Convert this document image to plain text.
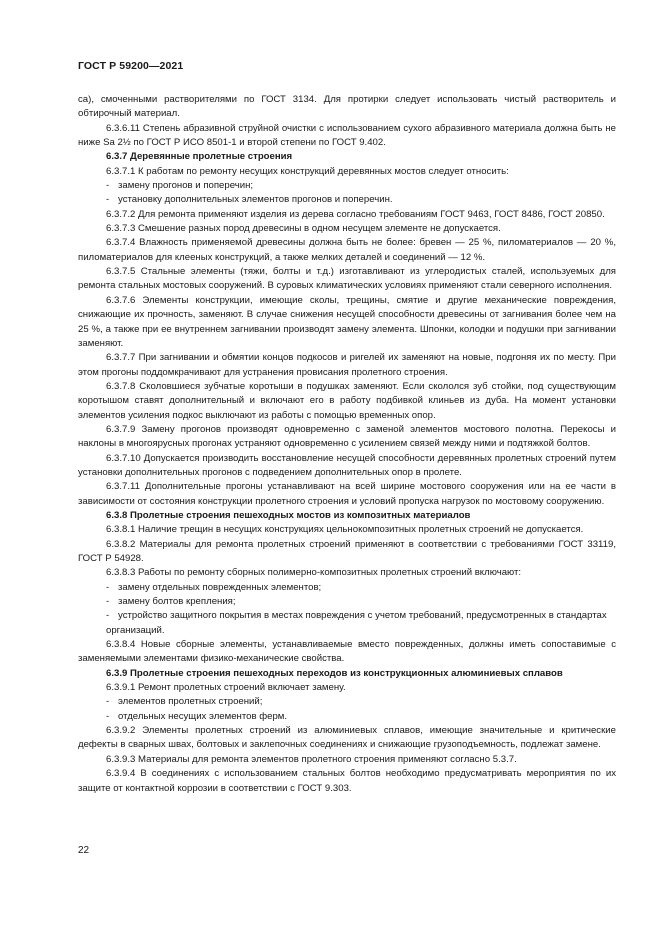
ГОСТ Р 59200—2021

са), смоченными растворителями по ГОСТ 3134. Для протирки следует использовать чистый растворитель и обтирочный материал.

6.3.6.11 Степень абразивной струйной очистки с использованием сухого абразивного материала должна быть не ниже Sa 2½ по ГОСТ Р ИСО 8501-1 и второй степени по ГОСТ 9.402.

6.3.7 Деревянные пролетные строения

6.3.7.1 К работам по ремонту несущих конструкций деревянных мостов следует относить:

- замену прогонов и поперечин;

- установку дополнительных элементов прогонов и поперечин.

6.3.7.2 Для ремонта применяют изделия из дерева согласно требованиям ГОСТ 9463, ГОСТ 8486, ГОСТ 20850.

6.3.7.3 Смешение разных пород древесины в одном несущем элементе не допускается.

6.3.7.4 Влажность применяемой древесины должна быть не более: бревен — 25 %, пиломатериалов — 20 %, пиломатериалов для клееных конструкций, а также мелких деталей и соединений — 12 %.

6.3.7.5 Стальные элементы (тяжи, болты и т.д.) изготавливают из углеродистых сталей, используемых для ремонта стальных мостовых сооружений. В суровых климатических условиях применяют стали северного исполнения.

6.3.7.6 Элементы конструкции, имеющие сколы, трещины, смятие и другие механические повреждения, снижающие их прочность, заменяют. В случае снижения несущей способности древесины от загнивания более чем на 25 %, а также при ее внутреннем загнивании производят замену элемента. Шпонки, колодки и подушки при загнивании заменяют.

6.3.7.7 При загнивании и обмятии концов подкосов и ригелей их заменяют на новые, подгоняя их по месту. При этом прогоны поддомкрачивают для устранения провисания пролетного строения.

6.3.7.8 Сколовшиеся зубчатые коротыши в подушках заменяют. Если скололся зуб стойки, под существующим коротышом ставят дополнительный и включают его в работу подбивкой клиньев из дуба. На момент установки элементов усиления подкос выключают из работы с помощью временных опор.

6.3.7.9 Замену прогонов производят одновременно с заменой элементов мостового полотна. Перекосы и наклоны в многоярусных прогонах устраняют одновременно с усилением связей между ними и подтяжкой болтов.

6.3.7.10 Допускается производить восстановление несущей способности деревянных пролетных строений путем установки дополнительных прогонов с подведением дополнительных опор в пролете.

6.3.7.11 Дополнительные прогоны устанавливают на всей ширине мостового сооружения или на ее части в зависимости от состояния конструкции пролетного строения и условий пропуска нагрузок по мостовому сооружению.

6.3.8 Пролетные строения пешеходных мостов из композитных материалов

6.3.8.1 Наличие трещин в несущих конструкциях цельнокомпозитных пролетных строений не допускается.

6.3.8.2 Материалы для ремонта пролетных строений применяют в соответствии с требованиями ГОСТ 33119, ГОСТ Р 54928.

6.3.8.3 Работы по ремонту сборных полимерно-композитных пролетных строений включают:

- замену отдельных поврежденных элементов;

- замену болтов крепления;

- устройство защитного покрытия в местах повреждения с учетом требований, предусмотренных в стандартах организаций.

6.3.8.4 Новые сборные элементы, устанавливаемые вместо поврежденных, должны иметь сопоставимые с заменяемыми элементами физико-механические свойства.

6.3.9 Пролетные строения пешеходных переходов из конструкционных алюминиевых сплавов

6.3.9.1 Ремонт пролетных строений включает замену.

- элементов пролетных строений;

- отдельных несущих элементов ферм.

6.3.9.2 Элементы пролетных строений из алюминиевых сплавов, имеющие значительные и критические дефекты в сварных швах, болтовых и заклепочных соединениях и снижающие грузоподъемность, подлежат замене.

6.3.9.3 Материалы для ремонта элементов пролетного строения применяют согласно 5.3.7.

6.3.9.4 В соединениях с использованием стальных болтов необходимо предусматривать мероприятия по их защите от контактной коррозии в соответствии с ГОСТ 9.303.

22
